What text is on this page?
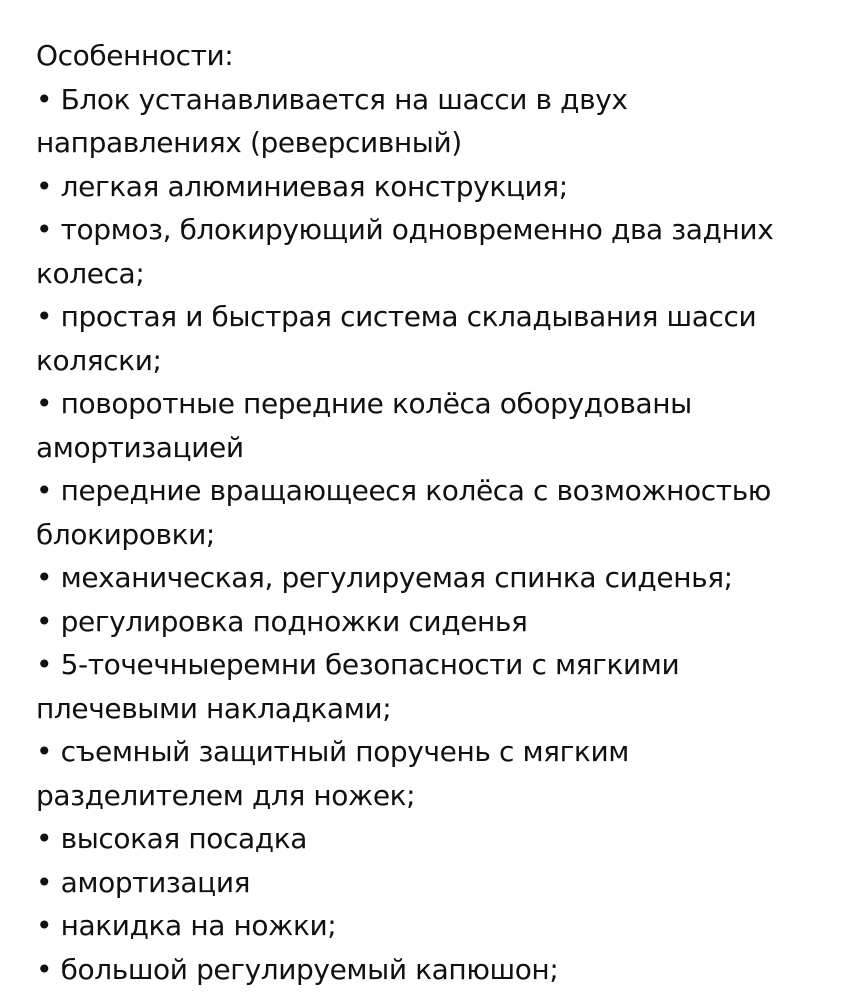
Особенности:

• Блок устанавливается на шасси в двух направлениях (реверсивный)
• легкая алюминиевая конструкция;
• тормоз, блокирующий одновременно два задних колеса;
• простая и быстрая система складывания шасси коляски;
• поворотные передние колёса оборудованы амортизацией
• передние вращающееся колёса с возможностью блокировки;
• механическая, регулируемая спинка сиденья;
• регулировка подножки сиденья
• 5-точечныеремни безопасности с мягкими плечевыми накладками;
• съемный защитный поручень с мягким разделителем для ножек;
• высокая посадка
• амортизация
• накидка на ножки;
• большой регулируемый капюшон;
